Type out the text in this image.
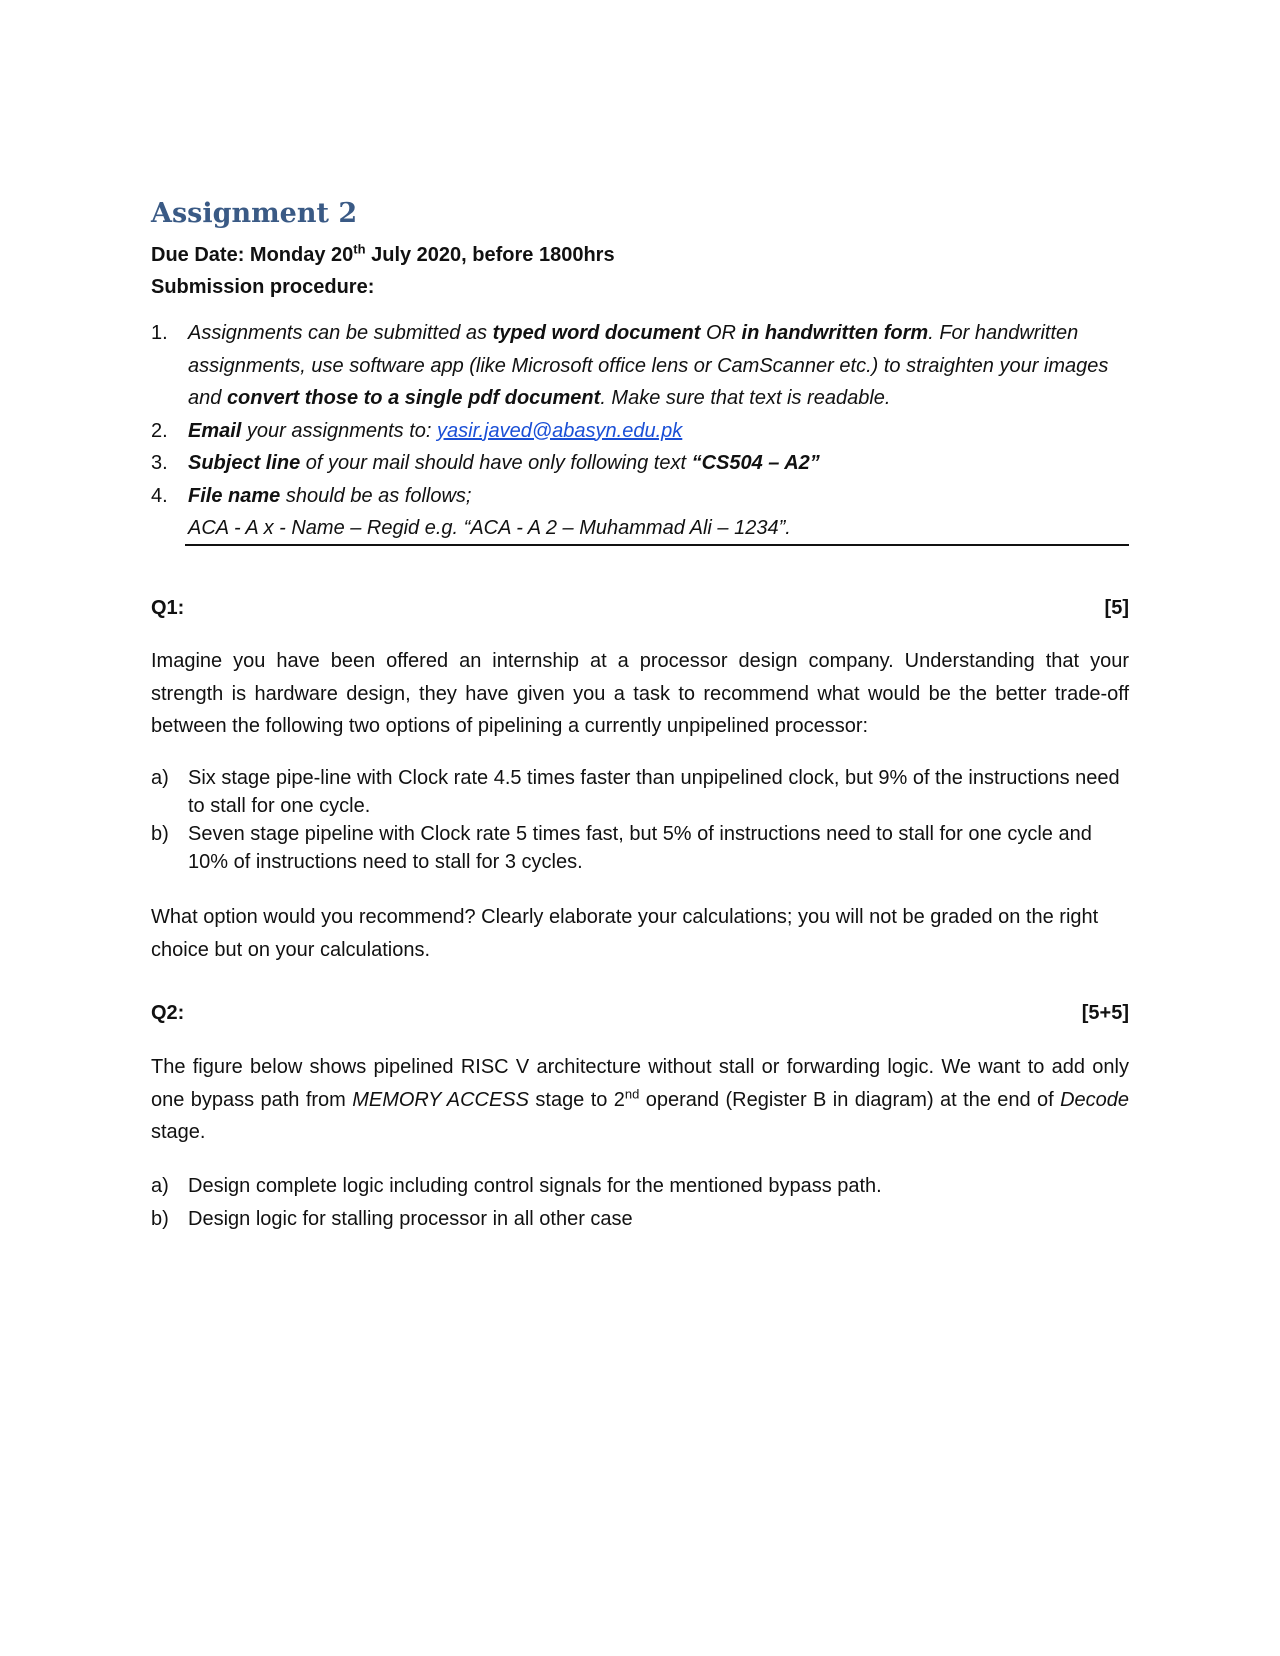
Assignment 2
Due Date: Monday 20th July 2020, before 1800hrs
Submission procedure:
1. Assignments can be submitted as typed word document OR in handwritten form. For handwritten assignments, use software app (like Microsoft office lens or CamScanner etc.) to straighten your images and convert those to a single pdf document. Make sure that text is readable.
2. Email your assignments to: yasir.javed@abasyn.edu.pk
3. Subject line of your mail should have only following text “CS504 – A2”
4. File name should be as follows;
ACA - A x - Name – Regid e.g. “ACA - A 2 – Muhammad Ali – 1234”.
Q1:	[5]
Imagine you have been offered an internship at a processor design company. Understanding that your strength is hardware design, they have given you a task to recommend what would be the better trade-off between the following two options of pipelining a currently unpipelined processor:
a) Six stage pipe-line with Clock rate 4.5 times faster than unpipelined clock, but 9% of the instructions need to stall for one cycle.
b) Seven stage pipeline with Clock rate 5 times fast, but 5% of instructions need to stall for one cycle and 10% of instructions need to stall for 3 cycles.
What option would you recommend? Clearly elaborate your calculations; you will not be graded on the right choice but on your calculations.
Q2:	[5+5]
The figure below shows pipelined RISC V architecture without stall or forwarding logic. We want to add only one bypass path from MEMORY ACCESS stage to 2nd operand (Register B in diagram) at the end of Decode stage.
a) Design complete logic including control signals for the mentioned bypass path.
b) Design logic for stalling processor in all other case
